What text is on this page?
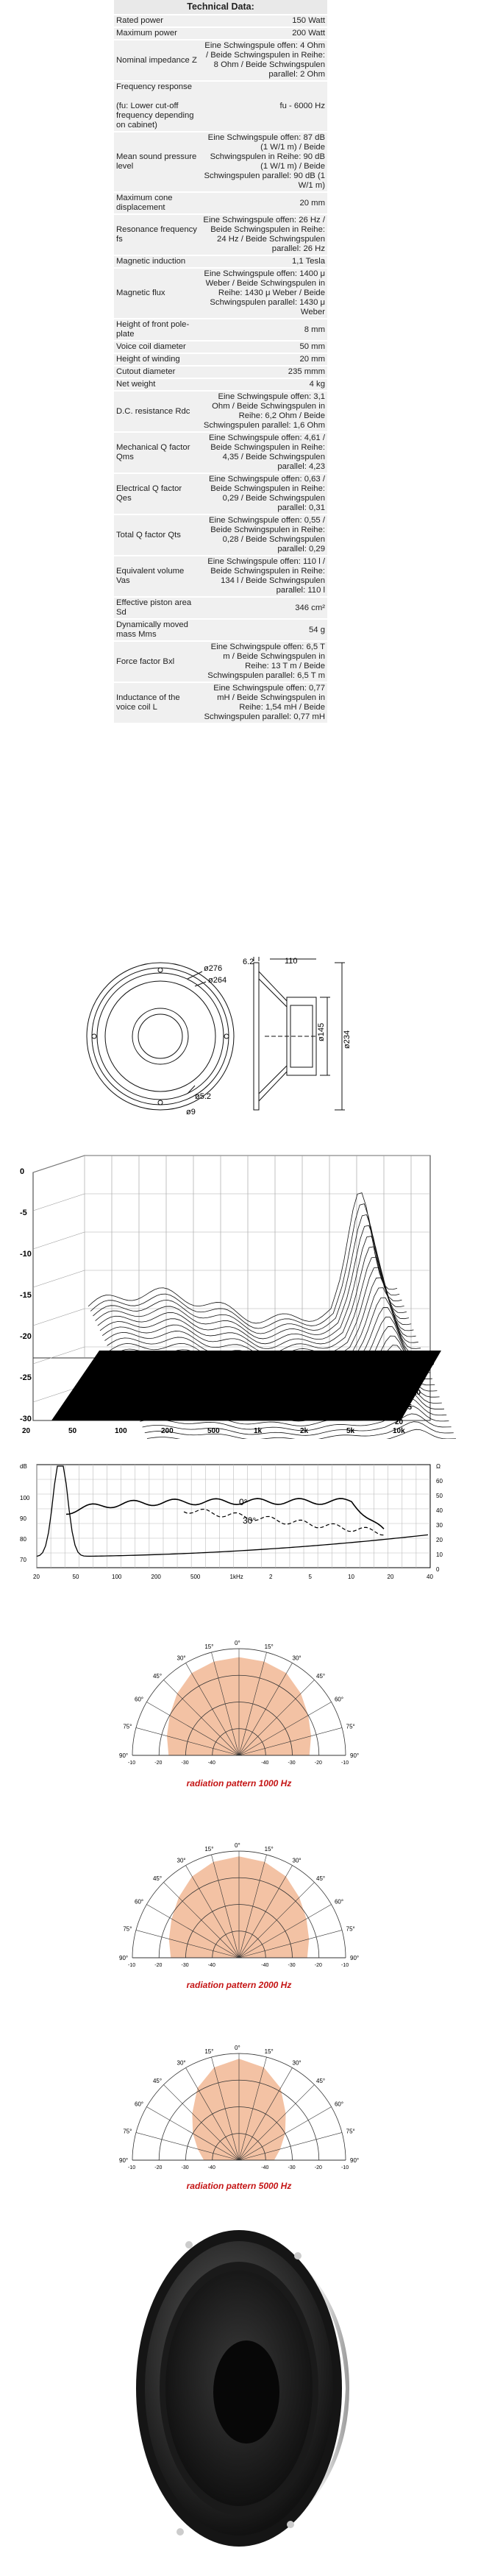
Technical Data:
Rated power	150 Watt
Maximum power	200 Watt
Nominal impedance Z	Eine Schwingspule offen: 4 Ohm / Beide Schwingspulen in Reihe: 8 Ohm / Beide Schwingspulen parallel: 2 Ohm
Frequency response

(fu: Lower cut-off frequency depending on cabinet)	fu - 6000 Hz
Mean sound pressure level	Eine Schwingspule offen: 87 dB (1 W/1 m) / Beide Schwingspulen in Reihe: 90 dB (1 W/1 m) / Beide Schwingspulen parallel: 90 dB (1 W/1 m)
Maximum cone displacement	20 mm
Resonance frequency fs	Eine Schwingspule offen: 26 Hz / Beide Schwingspulen in Reihe: 24 Hz / Beide Schwingspulen parallel: 26 Hz
Magnetic induction	1,1 Tesla
Magnetic flux	Eine Schwingspule offen: 1400 μ Weber / Beide Schwingspulen in Reihe: 1430 μ Weber / Beide Schwingspulen parallel: 1430 μ Weber
Height of front pole-plate	8 mm
Voice coil diameter	50 mm
Height of winding	20 mm
Cutout diameter	235 mmm
Net weight	4 kg
D.C. resistance Rdc	Eine Schwingspule offen: 3,1 Ohm / Beide Schwingspulen in Reihe: 6,2 Ohm / Beide Schwingspulen parallel: 1,6 Ohm
Mechanical Q factor Qms	Eine Schwingspule offen: 4,61 / Beide Schwingspulen in Reihe: 4,35 / Beide Schwingspulen parallel: 4,23
Electrical Q factor Qes	Eine Schwingspule offen: 0,63 / Beide Schwingspulen in Reihe: 0,29 / Beide Schwingspulen parallel: 0,31
Total Q factor Qts	Eine Schwingspule offen: 0,55 / Beide Schwingspulen in Reihe: 0,28 / Beide Schwingspulen parallel: 0,29
Equivalent volume Vas	Eine Schwingspule offen: 110 l / Beide Schwingspulen in Reihe: 134 l / Beide Schwingspulen parallel: 110 l
Effective piston area Sd	346 cm²
Dynamically moved mass Mms	54 g
Force factor Bxl	Eine Schwingspule offen: 6,5 T m / Beide Schwingspulen in Reihe: 13 T m / Beide Schwingspulen parallel: 6,5 T m
Inductance of the voice coil L	Eine Schwingspule offen: 0,77 mH / Beide Schwingspulen in Reihe: 1,54 mH / Beide Schwingspulen parallel: 0,77 mH
ø276
ø264
6.2	110
ø145 ø234
ø5.2
ø9
0
-5
-10
-15
-20
-25
-30
20	50	100	200	500	1k	2k	5k	10k
0
5
10
15
20
0°
30°
dB
100
90
80
70
Ω
60
50
40
30
20
10
0
20	50	100	200	500	1kHz	2	5	10	20	40
0°
15°	15°
30°	30°
45°	45°
60°	60°
75°	75°
90°	90°
-10	-20	-30	-40	-40	-30	-20	-10
radiation pattern 1000 Hz
0°
15°	15°
30°	30°
45°	45°
60°	60°
75°	75°
90°	90°
-10	-20	-30	-40	-40	-30	-20	-10
radiation pattern 2000 Hz
0°
15°	15°
30°	30°
45°	45°
60°	60°
75°	75°
90°	90°
-10	-20	-30	-40	-40	-30	-20	-10
radiation pattern 5000 Hz
